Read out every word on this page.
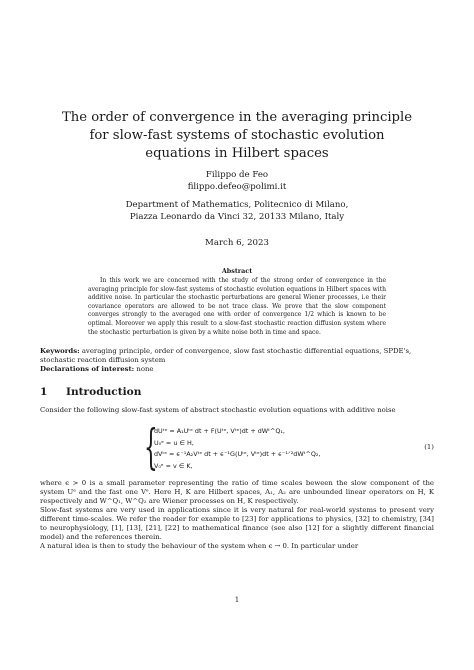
The order of convergence in the averaging principle for slow-fast systems of stochastic evolution equations in Hilbert spaces
Filippo de Feo
filippo.defeo@polimi.it
Department of Mathematics, Politecnico di Milano,
Piazza Leonardo da Vinci 32, 20133 Milano, Italy
March 6, 2023
Abstract

In this work we are concerned with the study of the strong order of convergence in the averaging principle for slow-fast systems of stochastic evolution equations in Hilbert spaces with additive noise. In particular the stochastic perturbations are general Wiener processes, i.e their covariance operators are allowed to be not trace class. We prove that the slow component converges strongly to the averaged one with order of convergence 1/2 which is known to be optimal. Moreover we apply this result to a slow-fast stochastic reaction diffusion system where the stochastic perturbation is given by a white noise both in time and space.

Keywords: averaging principle, order of convergence, slow fast stochastic differential equations, SPDE's, stochastic reaction diffusion system
Declarations of interest: none
1 Introduction
Consider the following slow-fast system of abstract stochastic evolution equations with additive noise
{
dUᵗᵉ = A₁Uᵗᵉ dt + F(Uᵗᵉ, Vᵗᵉ)dt + dWᵗ^Q₁,
U₀ᵉ = u ∈ H,
dVᵗᵉ = ϵ⁻¹A₂Vᵗᵉ dt + ϵ⁻¹G(Uᵗᵉ, Vᵗᵉ)dt + ϵ⁻¹ᐟ²dWᵗ^Q₂,
V₀ᵉ = v ∈ K,
(1)
where ϵ > 0 is a small parameter representing the ratio of time scales beween the slow component of the system Uᵉ and the fast one Vᵉ. Here H, K are Hilbert spaces, A₁, A₂ are unbounded linear operators on H, K respectively and W^Q₁, W^Q₂ are Wiener processes on H, K respectively.
Slow-fast systems are very used in applications since it is very natural for real-world systems to present very different time-scales. We refer the reader for example to [23] for applications to physics, [32] to chemistry, [34] to neurophysiology, [1], [13], [21], [22] to mathematical finance (see also [12] for a slightly different financial model) and the references therein.
A natural idea is then to study the behaviour of the system when ϵ → 0. In particular under
1
